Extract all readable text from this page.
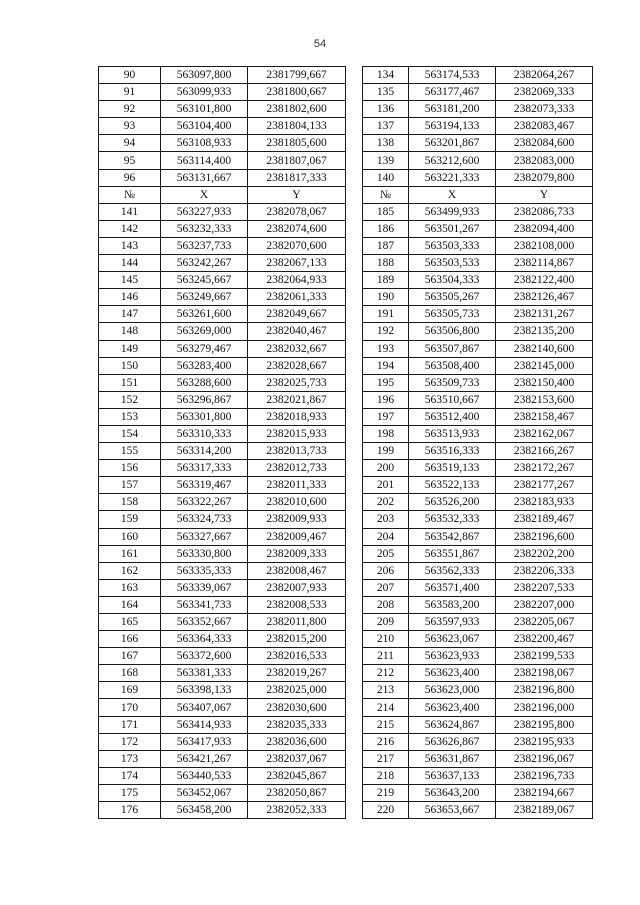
54
90	563097,800	2381799,667
91	563099,933	2381800,667
92	563101,800	2381802,600
93	563104,400	2381804,133
94	563108,933	2381805,600
95	563114,400	2381807,067
96	563131,667	2381817,333
№	X	Y
141	563227,933	2382078,067
142	563232,333	2382074,600
143	563237,733	2382070,600
144	563242,267	2382067,133
145	563245,667	2382064,933
146	563249,667	2382061,333
147	563261,600	2382049,667
148	563269,000	2382040,467
149	563279,467	2382032,667
150	563283,400	2382028,667
151	563288,600	2382025,733
152	563296,867	2382021,867
153	563301,800	2382018,933
154	563310,333	2382015,933
155	563314,200	2382013,733
156	563317,333	2382012,733
157	563319,467	2382011,333
158	563322,267	2382010,600
159	563324,733	2382009,933
160	563327,667	2382009,467
161	563330,800	2382009,333
162	563335,333	2382008,467
163	563339,067	2382007,933
164	563341,733	2382008,533
165	563352,667	2382011,800
166	563364,333	2382015,200
167	563372,600	2382016,533
168	563381,333	2382019,267
169	563398,133	2382025,000
170	563407,067	2382030,600
171	563414,933	2382035,333
172	563417,933	2382036,600
173	563421,267	2382037,067
174	563440,533	2382045,867
175	563452,067	2382050,867
176	563458,200	2382052,333
134	563174,533	2382064,267
135	563177,467	2382069,333
136	563181,200	2382073,333
137	563194,133	2382083,467
138	563201,867	2382084,600
139	563212,600	2382083,000
140	563221,333	2382079,800
№	X	Y
185	563499,933	2382086,733
186	563501,267	2382094,400
187	563503,333	2382108,000
188	563503,533	2382114,867
189	563504,333	2382122,400
190	563505,267	2382126,467
191	563505,733	2382131,267
192	563506,800	2382135,200
193	563507,867	2382140,600
194	563508,400	2382145,000
195	563509,733	2382150,400
196	563510,667	2382153,600
197	563512,400	2382158,467
198	563513,933	2382162,067
199	563516,333	2382166,267
200	563519,133	2382172,267
201	563522,133	2382177,267
202	563526,200	2382183,933
203	563532,333	2382189,467
204	563542,867	2382196,600
205	563551,867	2382202,200
206	563562,333	2382206,333
207	563571,400	2382207,533
208	563583,200	2382207,000
209	563597,933	2382205,067
210	563623,067	2382200,467
211	563623,933	2382199,533
212	563623,400	2382198,067
213	563623,000	2382196,800
214	563623,400	2382196,000
215	563624,867	2382195,800
216	563626,867	2382195,933
217	563631,867	2382196,067
218	563637,133	2382196,733
219	563643,200	2382194,667
220	563653,667	2382189,067
